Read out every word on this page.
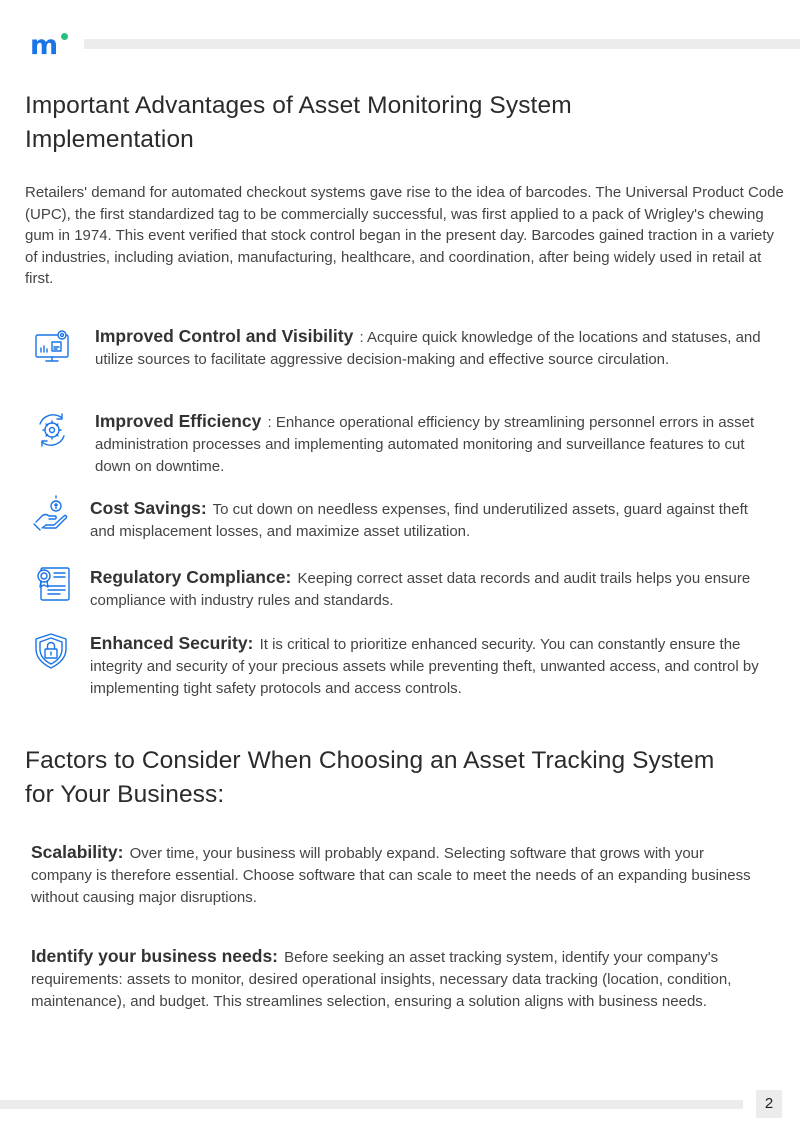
m
Important Advantages of Asset Monitoring System Implementation

Retailers' demand for automated checkout systems gave rise to the idea of barcodes. The Universal Product Code (UPC), the first standardized tag to be commercially successful, was first applied to a pack of Wrigley's chewing gum in 1974. This event verified that stock control began in the present day. Barcodes gained traction in a variety of industries, including aviation, manufacturing, healthcare, and coordination, after being widely used in retail at first.

Improved Control and Visibility : Acquire quick knowledge of the locations and statuses, and utilize sources to facilitate aggressive decision-making and effective source circulation.

Improved Efficiency : Enhance operational efficiency by streamlining personnel errors in asset administration processes and implementing automated monitoring and surveillance features to cut down on downtime.

Cost Savings: To cut down on needless expenses, find underutilized assets, guard against theft and misplacement losses, and maximize asset utilization.

Regulatory Compliance: Keeping correct asset data records and audit trails helps you ensure compliance with industry rules and standards.

Enhanced Security: It is critical to prioritize enhanced security. You can constantly ensure the integrity and security of your precious assets while preventing theft, unwanted access, and control by implementing tight safety protocols and access controls.

Factors to Consider When Choosing an Asset Tracking System for Your Business:

Scalability: Over time, your business will probably expand. Selecting software that grows with your company is therefore essential. Choose software that can scale to meet the needs of an expanding business without causing major disruptions.

Identify your business needs: Before seeking an asset tracking system, identify your company's requirements: assets to monitor, desired operational insights, necessary data tracking (location, condition, maintenance), and budget. This streamlines selection, ensuring a solution aligns with business needs.

2
